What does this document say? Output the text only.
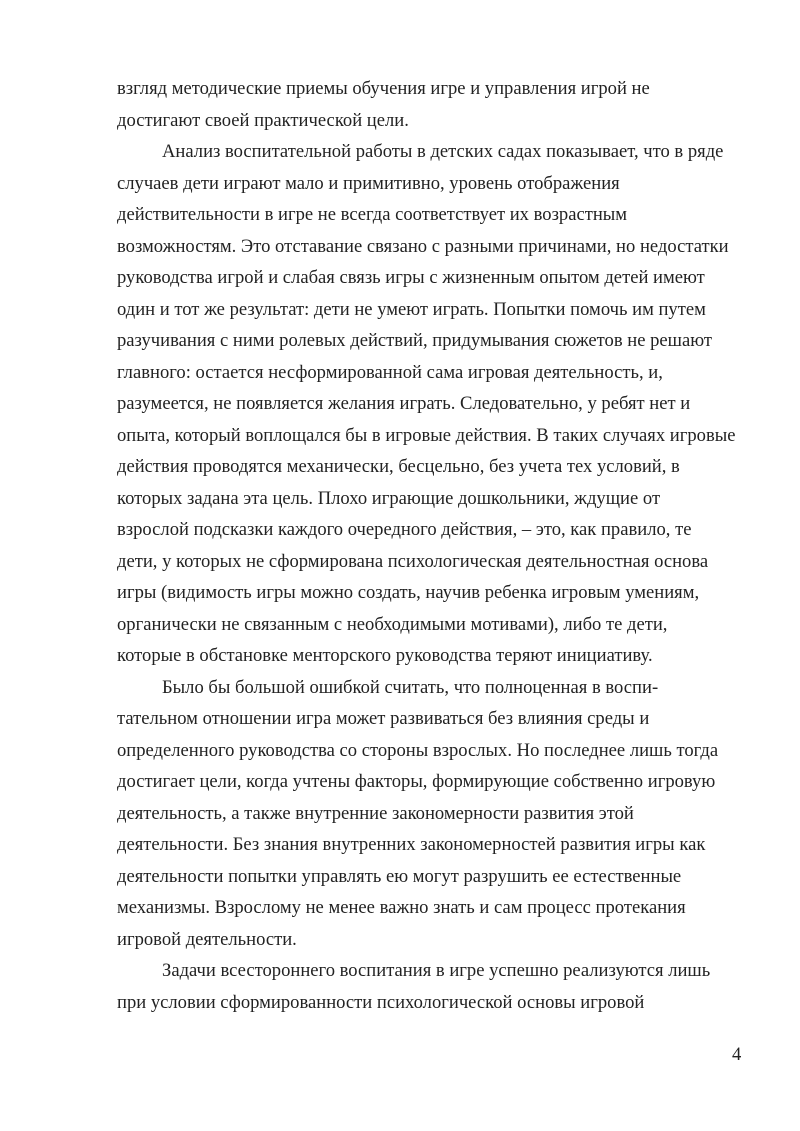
взгляд методические приемы обучения игре и управления игрой не
достигают своей практической цели.
Анализ воспитательной работы в детских садах показывает, что в ряде
случаев дети играют мало и примитивно, уровень отображения
действительности в игре не всегда соответствует их возрастным
возможностям. Это отставание связано с разными причинами, но недостатки
руководства игрой и слабая связь игры с жизненным опытом детей имеют
один и тот же результат: дети не умеют играть. Попытки помочь им путем
разучивания с ними ролевых действий, придумывания сюжетов не решают
главного: остается несформированной сама игровая деятельность, и,
разумеется, не появляется желания играть. Следовательно, у ребят нет и
опыта, который воплощался бы в игровые действия. В таких случаях игровые
действия проводятся механически, бесцельно, без учета тех условий, в
которых задана эта цель. Плохо играющие дошкольники, ждущие от
взрослой подсказки каждого очередного действия, – это, как правило, те
дети, у которых не сформирована психологическая деятельностная основа
игры (видимость игры можно создать, научив ребенка игровым умениям,
органически не связанным с необходимыми мотивами), либо те дети,
которые в обстановке менторского руководства теряют инициативу.
Было бы большой ошибкой считать, что полноценная в воспи-
тательном отношении игра может развиваться без влияния среды и
определенного руководства со стороны взрослых. Но последнее лишь тогда
достигает цели, когда учтены факторы, формирующие собственно игровую
деятельность, а также внутренние закономерности развития этой
деятельности. Без знания внутренних закономерностей развития игры как
деятельности попытки управлять ею могут разрушить ее естественные
механизмы. Взрослому не менее важно знать и сам процесс протекания
игровой деятельности.
Задачи всестороннего воспитания в игре успешно реализуются лишь
при условии сформированности психологической основы игровой
4
